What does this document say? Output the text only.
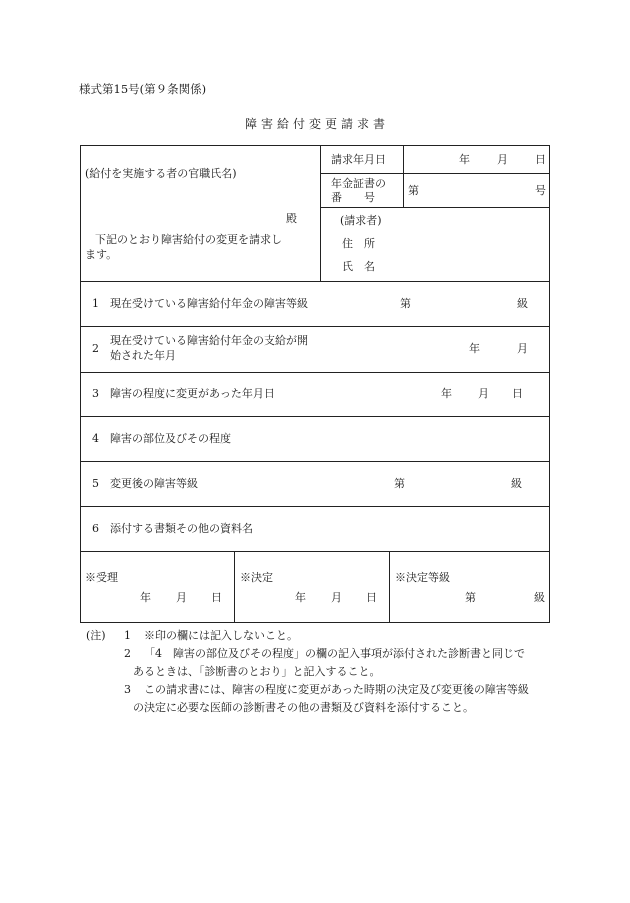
様式第15号(第９条関係)
障害給付変更請求書
(給付を実施する者の官職氏名)
殿
下記のとおり障害給付の変更を請求し
ます。
請求年月日	年 月 日
年金証書の
番　　号
第	号
(請求者)
住　所
氏　名
1 現在受けている障害給付年金の障害等級	第	級
2
現在受けている障害給付年金の支給が開
始された年月
年	月
3 障害の程度に変更があった年月日	年 月 日
4 障害の部位及びその程度
5 変更後の障害等級	第	級
6 添付する書類その他の資料名
※受理
年 月 日
※決定
年 月 日
※決定等級
第	級
(注) 1 ※印の欄には記入しないこと。
2 「4　障害の部位及びその程度」の欄の記入事項が添付された診断書と同じで
あるときは、「診断書のとおり」と記入すること。
3 この請求書には、障害の程度に変更があった時期の決定及び変更後の障害等級
の決定に必要な医師の診断書その他の書類及び資料を添付すること。
